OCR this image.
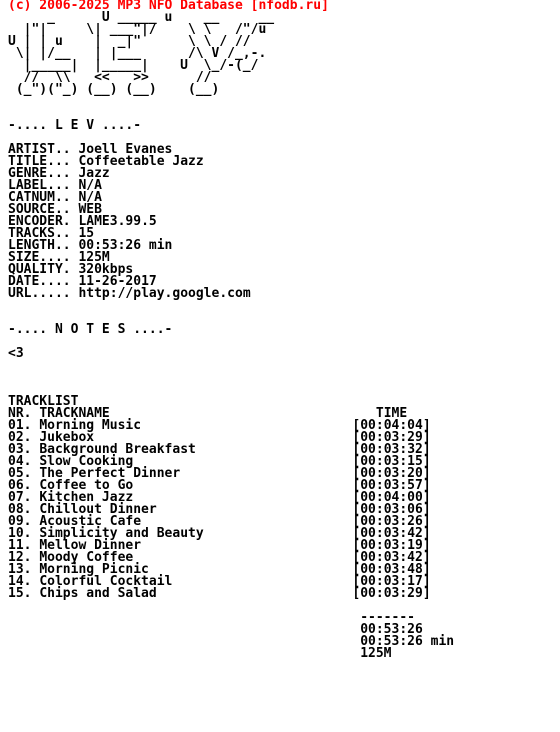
(c) 2006-2025 MP3 NFO Database [nfodb.ru]
_      U _____ u    __     __
|"|     \| ___"|/    \ \   /"/u
U | | u    |  _|"      \ \ / //
\| |/__   | |___      /\ V /_,-.
|_____|  |_____|    U  \_/-(_/
//  \\   <<   >>      //
(_")("_) (__) (__)    (__)

-.... L E V ....-

ARTIST.. Joell Evanes
TITLE... Coffeetable Jazz
GENRE... Jazz
LABEL... N/A
CATNUM.. N/A
SOURCE.. WEB
ENCODER. LAME3.99.5
TRACKS.. 15
LENGTH.. 00:53:26 min
SIZE.... 125M
QUALITY. 320kbps
DATE.... 11-26-2017
URL..... http://play.google.com

-.... N O T E S ....-

<3

TRACKLIST
NR. TRACKNAME	TIME
01. Morning Music	[00:04:04]
02. Jukebox	[00:03:29]
03. Background Breakfast	[00:03:32]
04. Slow Cooking	[00:03:15]
05. The Perfect Dinner	[00:03:20]
06. Coffee to Go	[00:03:57]
07. Kitchen Jazz	[00:04:00]
08. Chillout Dinner	[00:03:06]
09. Acoustic Cafe	[00:03:26]
10. Simplicity and Beauty	[00:03:42]
11. Mellow Dinner	[00:03:19]
12. Moody Coffee	[00:03:42]
13. Morning Picnic	[00:03:48]
14. Colorful Cocktail	[00:03:17]
15. Chips and Salad	[00:03:29]

-------
00:53:26
00:53:26 min
125M
